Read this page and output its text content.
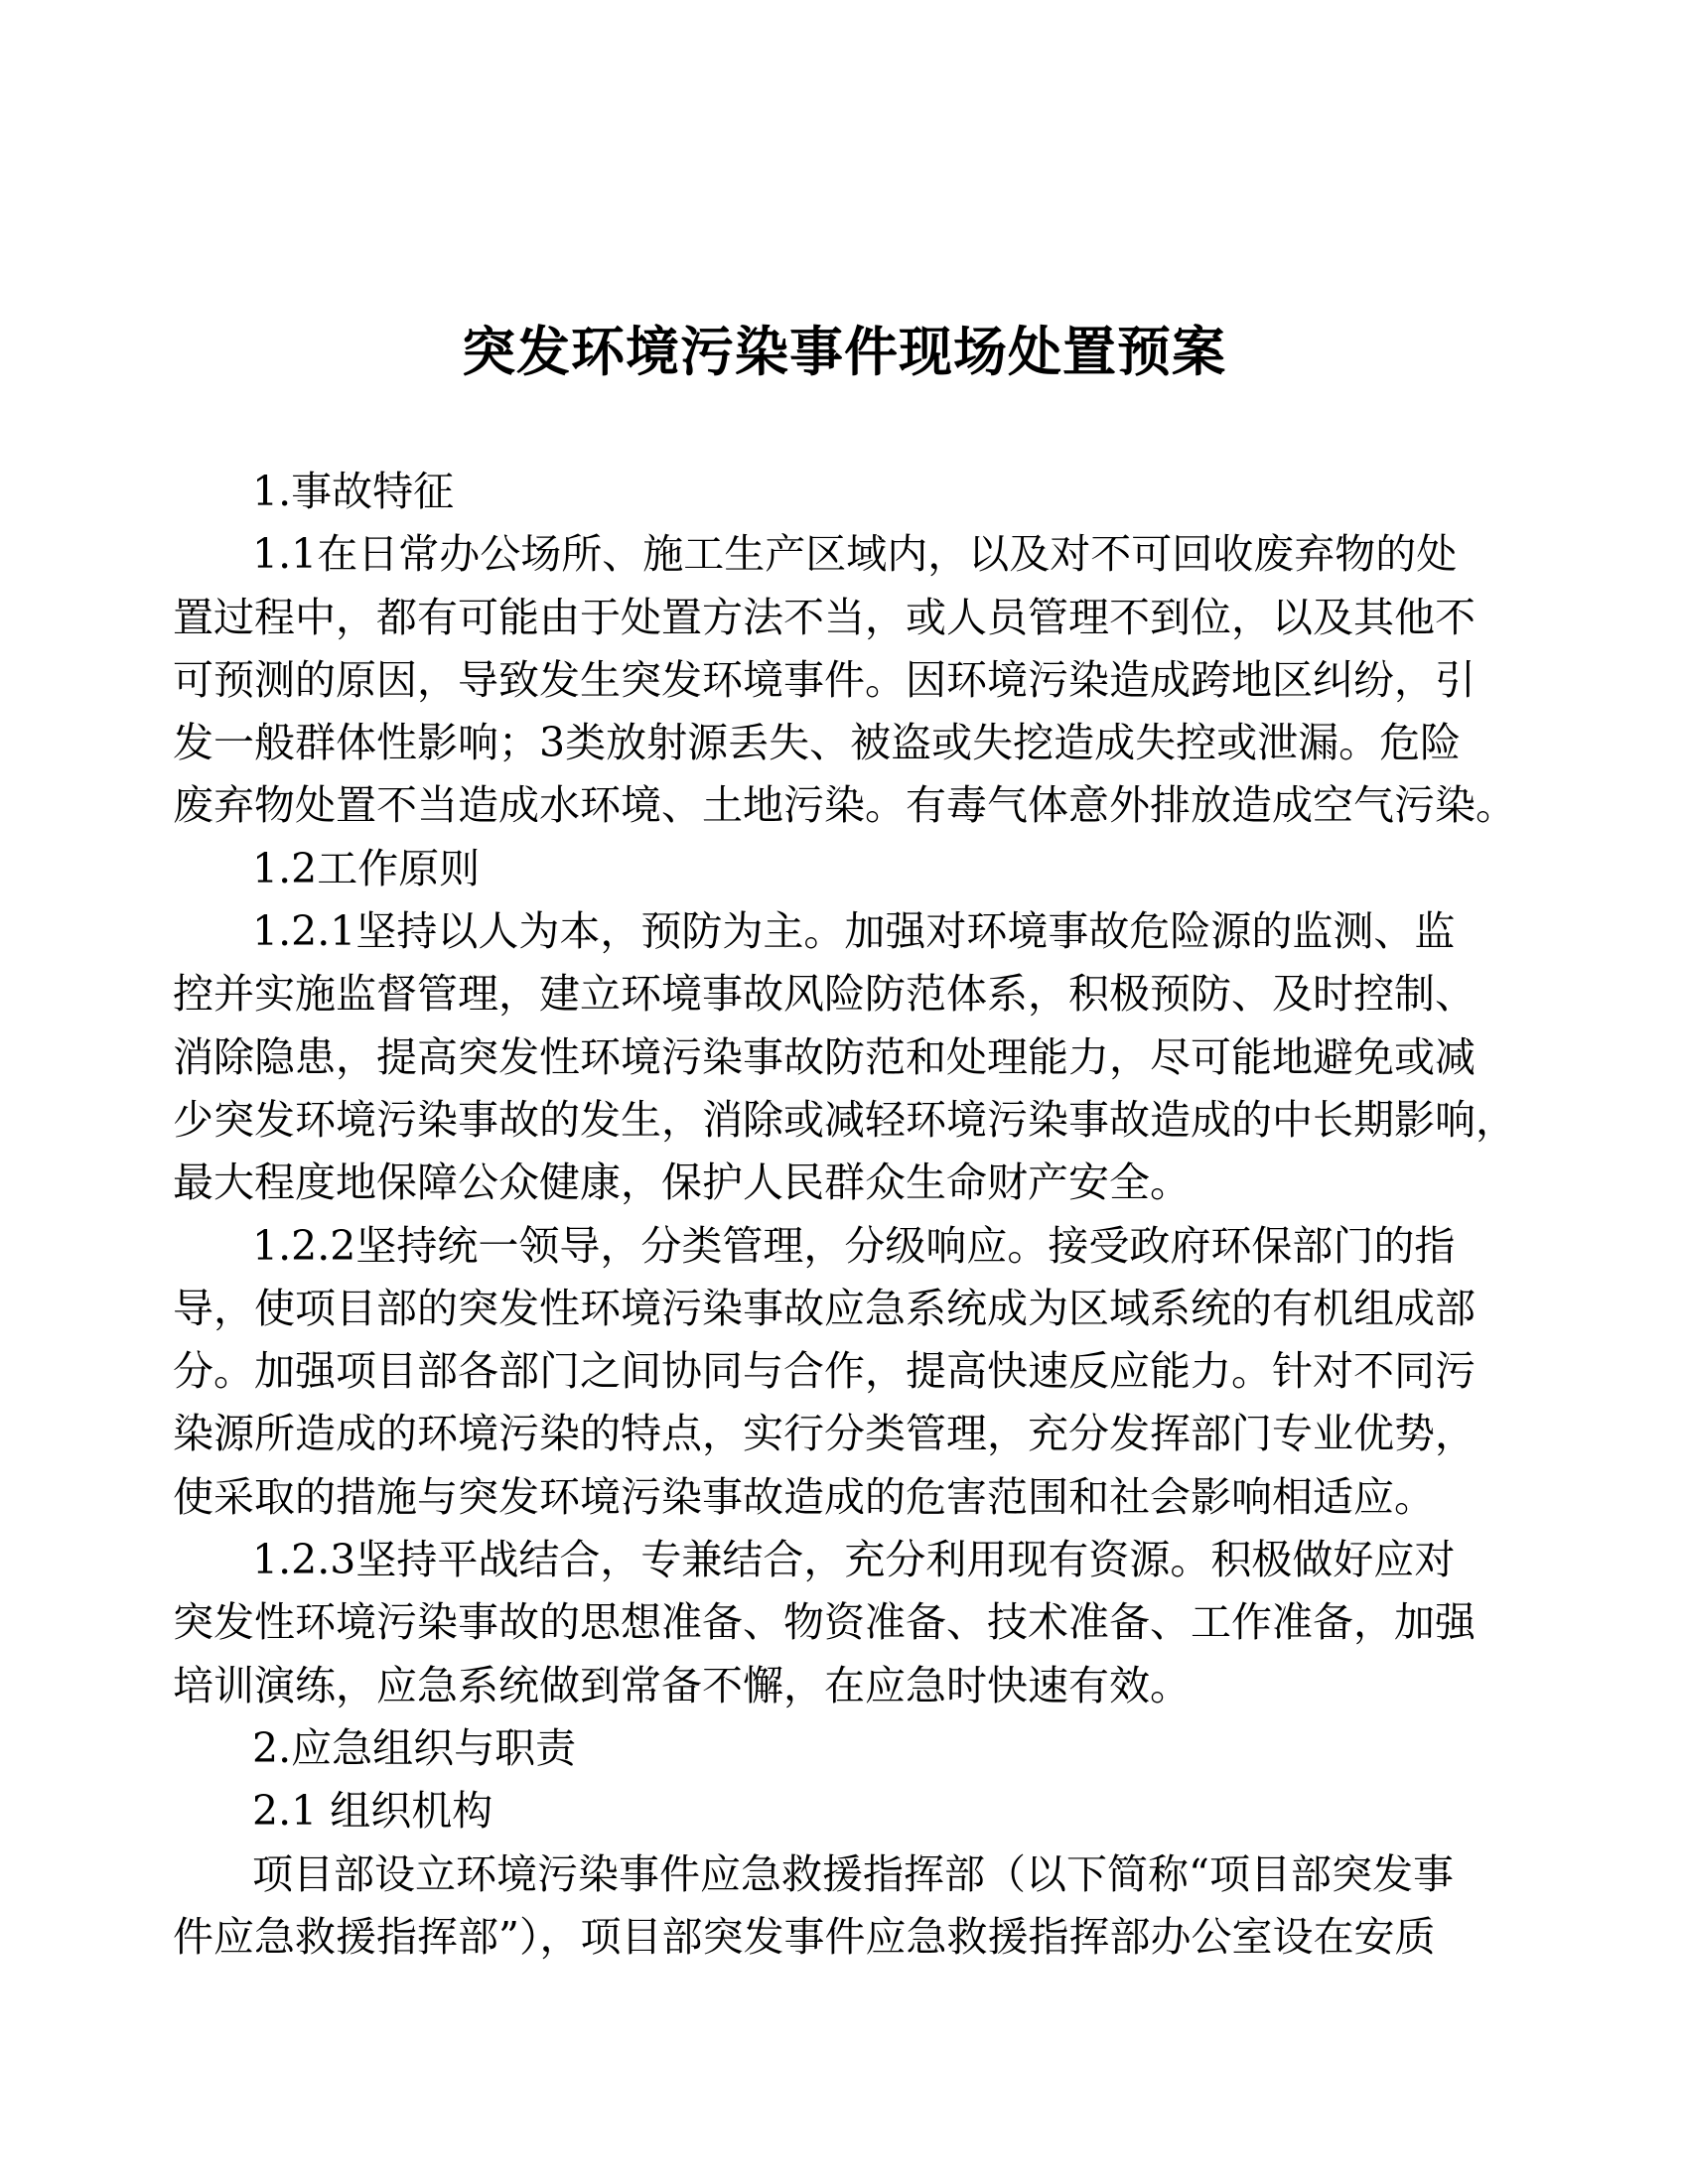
突发环境污染事件现场处置预案
1.事故特征
1.1在日常办公场所、施工生产区域内，以及对不可回收废弃物的处
置过程中，都有可能由于处置方法不当，或人员管理不到位，以及其他不
可预测的原因，导致发生突发环境事件。因环境污染造成跨地区纠纷，引
发一般群体性影响；3类放射源丢失、被盗或失挖造成失控或泄漏。危险
废弃物处置不当造成水环境、土地污染。有毒气体意外排放造成空气污染。
1.2工作原则
1.2.1坚持以人为本，预防为主。加强对环境事故危险源的监测、监
控并实施监督管理，建立环境事故风险防范体系，积极预防、及时控制、
消除隐患，提高突发性环境污染事故防范和处理能力，尽可能地避免或减
少突发环境污染事故的发生，消除或减轻环境污染事故造成的中长期影响，
最大程度地保障公众健康，保护人民群众生命财产安全。
1.2.2坚持统一领导，分类管理，分级响应。接受政府环保部门的指
导，使项目部的突发性环境污染事故应急系统成为区域系统的有机组成部
分。加强项目部各部门之间协同与合作，提高快速反应能力。针对不同污
染源所造成的环境污染的特点，实行分类管理，充分发挥部门专业优势，
使采取的措施与突发环境污染事故造成的危害范围和社会影响相适应。
1.2.3坚持平战结合，专兼结合，充分利用现有资源。积极做好应对
突发性环境污染事故的思想准备、物资准备、技术准备、工作准备，加强
培训演练，应急系统做到常备不懈，在应急时快速有效。
2.应急组织与职责
2.1 组织机构
项目部设立环境污染事件应急救援指挥部（以下简称“项目部突发事
件应急救援指挥部”），项目部突发事件应急救援指挥部办公室设在安质
